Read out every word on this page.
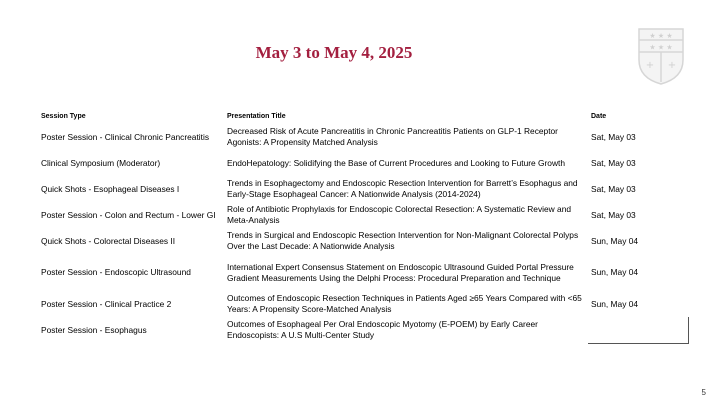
May 3 to May 4, 2025
★ ★ ★
★ ★ ★
+ +
Session Type	Presentation Title	Date
Poster Session - Clinical Chronic Pancreatitis	Decreased Risk of Acute Pancreatitis in Chronic Pancreatitis Patients on GLP-1 Receptor Agonists: A Propensity Matched Analysis	Sat, May 03
Clinical Symposium (Moderator)	EndoHepatology: Solidifying the Base of Current Procedures and Looking to Future Growth	Sat, May 03
Quick Shots - Esophageal Diseases I	Trends in Esophagectomy and Endoscopic Resection Intervention for Barrett’s Esophagus and Early-Stage Esophageal Cancer: A Nationwide Analysis (2014-2024)	Sat, May 03
Poster Session - Colon and Rectum - Lower GI	Role of Antibiotic Prophylaxis for Endoscopic Colorectal Resection: A Systematic Review and Meta-Analysis	Sat, May 03
Quick Shots - Colorectal Diseases II	Trends in Surgical and Endoscopic Resection Intervention for Non-Malignant Colorectal Polyps Over the Last Decade: A Nationwide Analysis	Sun, May 04
Poster Session - Endoscopic Ultrasound	International Expert Consensus Statement on Endoscopic Ultrasound Guided Portal Pressure Gradient Measurements Using the Delphi Process: Procedural Preparation and Technique	Sun, May 04
Poster Session - Clinical Practice 2	Outcomes of Endoscopic Resection Techniques in Patients Aged ≥65 Years Compared with <65 Years: A Propensity Score-Matched Analysis	Sun, May 04
Poster Session - Esophagus	Outcomes of Esophageal Per Oral Endoscopic Myotomy (E-POEM) by Early Career Endoscopists: A U.S Multi-Center Study	
5
